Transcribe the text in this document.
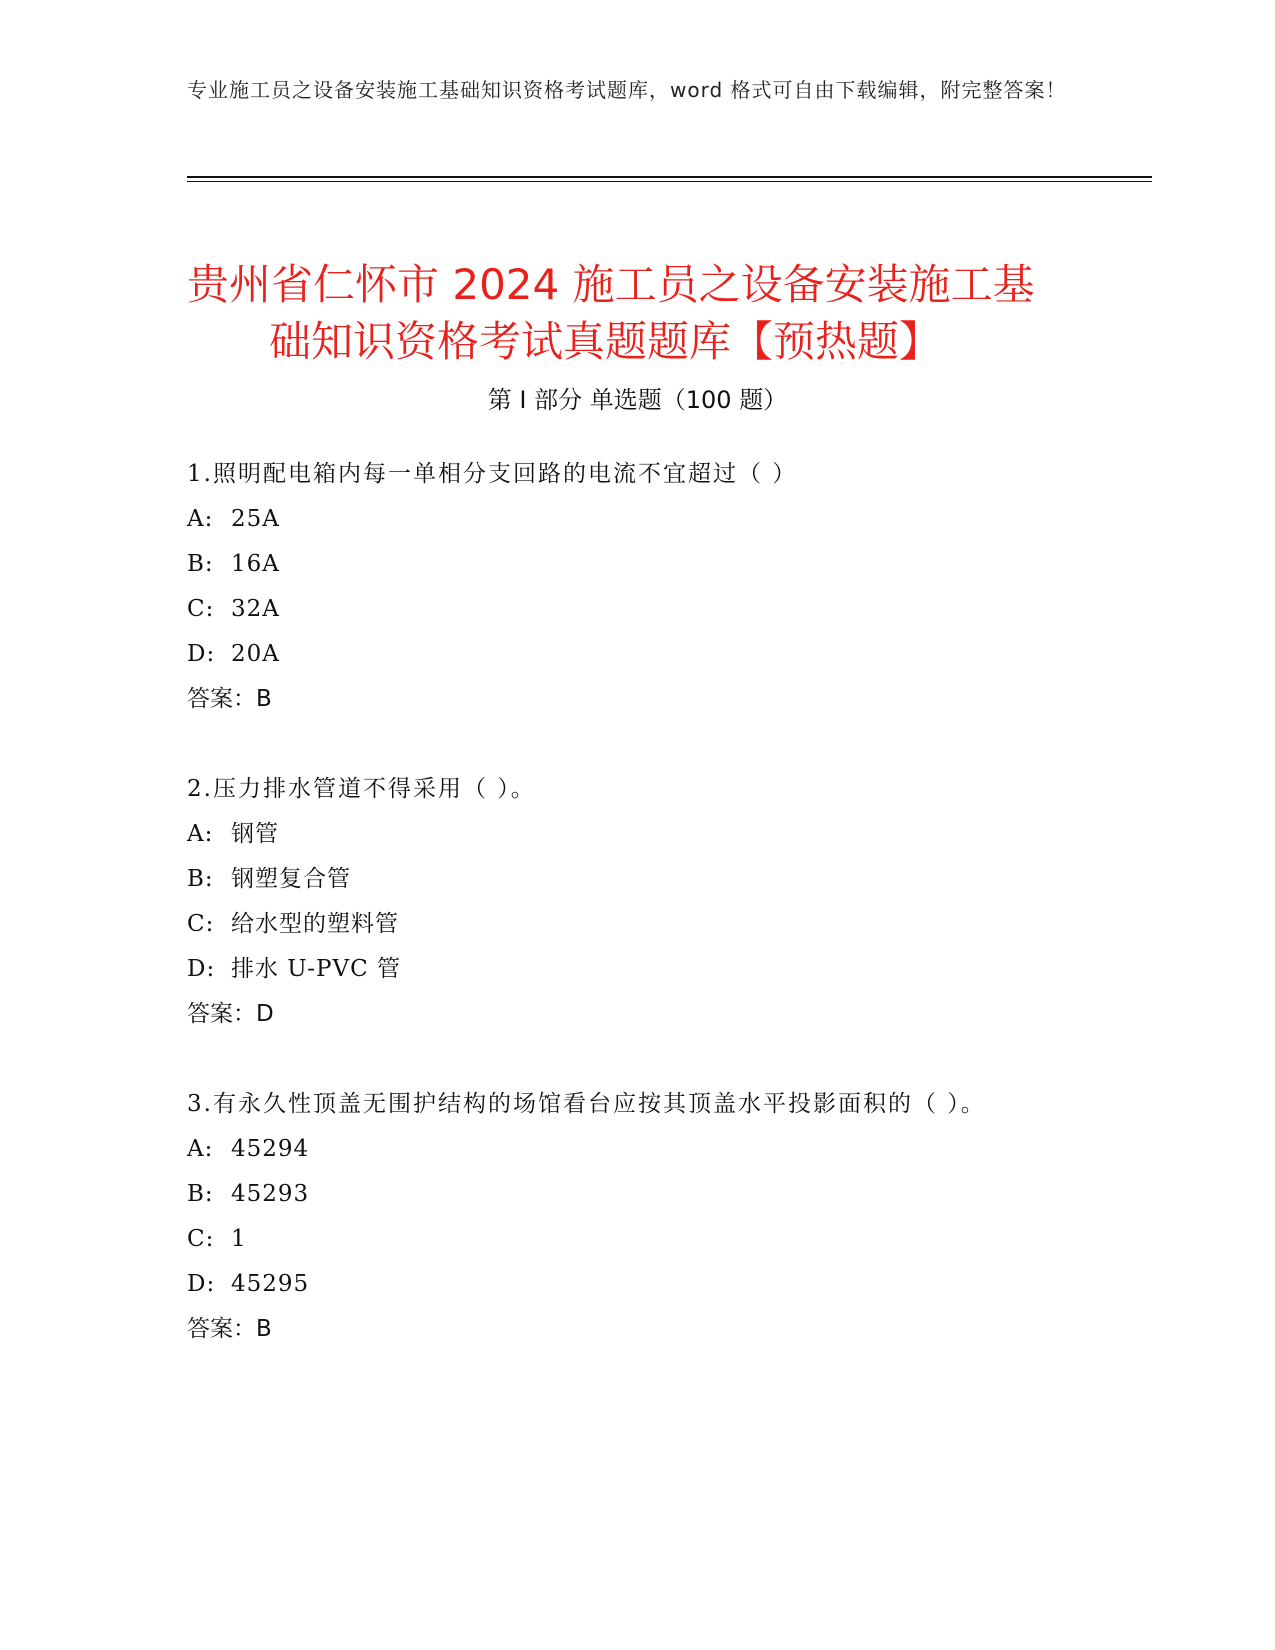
专业施工员之设备安装施工基础知识资格考试题库，word 格式可自由下载编辑，附完整答案！
贵州省仁怀市 2024 施工员之设备安装施工基
础知识资格考试真题题库【预热题】
第 I 部分 单选题（100 题）

1.照明配电箱内每一单相分支回路的电流不宜超过（ ）

A: 25A

B: 16A

C: 32A

D: 20A

答案：B

2.压力排水管道不得采用（ ）。

A: 钢管

B: 钢塑复合管

C: 给水型的塑料管

D: 排水 U-PVC 管

答案：D

3.有永久性顶盖无围护结构的场馆看台应按其顶盖水平投影面积的（ ）。

A: 45294

B: 45293

C: 1

D: 45295

答案：B
